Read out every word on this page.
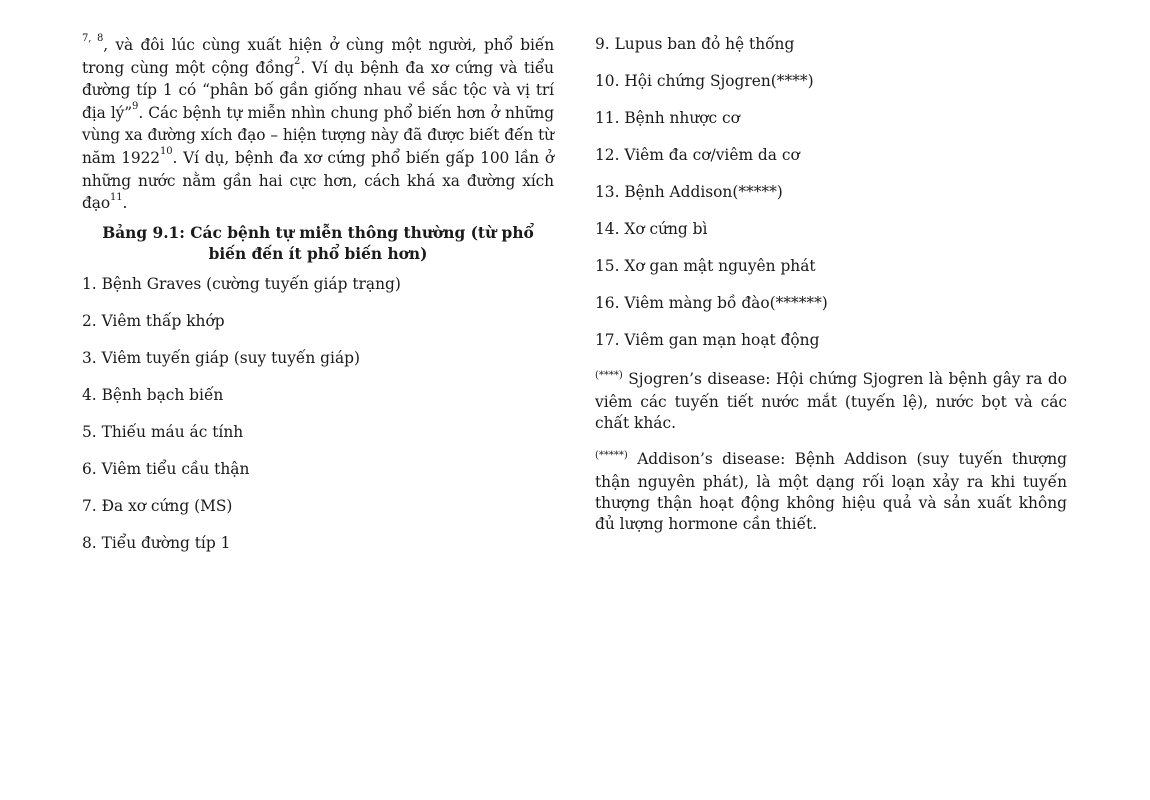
$^{7, 8}$, và đôi lúc cùng xuất hiện ở cùng một người, phổ biến trong cùng một cộng đồng$^2$. Ví dụ bệnh đa xơ cứng và tiểu đường típ 1 có “phân bố gần giống nhau về sắc tộc và vị trí địa lý”$^9$. Các bệnh tự miễn nhìn chung phổ biến hơn ở những vùng xa đường xích đạo – hiện tượng này đã được biết đến từ năm 1922$^{10}$. Ví dụ, bệnh đa xơ cứng phổ biến gấp 100 lần ở những nước nằm gần hai cực hơn, cách khá xa đường xích đạo$^{11}$.

Bảng 9.1: Các bệnh tự miễn thông thường (từ phổ biến đến ít phổ biến hơn)
1. Bệnh Graves (cường tuyến giáp trạng)
2. Viêm thấp khớp
3. Viêm tuyến giáp (suy tuyến giáp)
4. Bệnh bạch biến
5. Thiếu máu ác tính
6. Viêm tiểu cầu thận
7. Đa xơ cứng (MS)
8. Tiểu đường típ 1
9. Lupus ban đỏ hệ thống
10. Hội chứng Sjogren(****)
11. Bệnh nhược cơ
12. Viêm đa cơ/viêm da cơ
13. Bệnh Addison(*****)
14. Xơ cứng bì
15. Xơ gan mật nguyên phát
16. Viêm màng bồ đào(******)
17. Viêm gan mạn hoạt động

(****) Sjogren’s disease: Hội chứng Sjogren là bệnh gây ra do viêm các tuyến tiết nước mắt (tuyến lệ), nước bọt và các chất khác.

(*****) Addison’s disease: Bệnh Addison (suy tuyến thượng thận nguyên phát), là một dạng rối loạn xảy ra khi tuyến thượng thận hoạt động không hiệu quả và sản xuất không đủ lượng hormone cần thiết.
